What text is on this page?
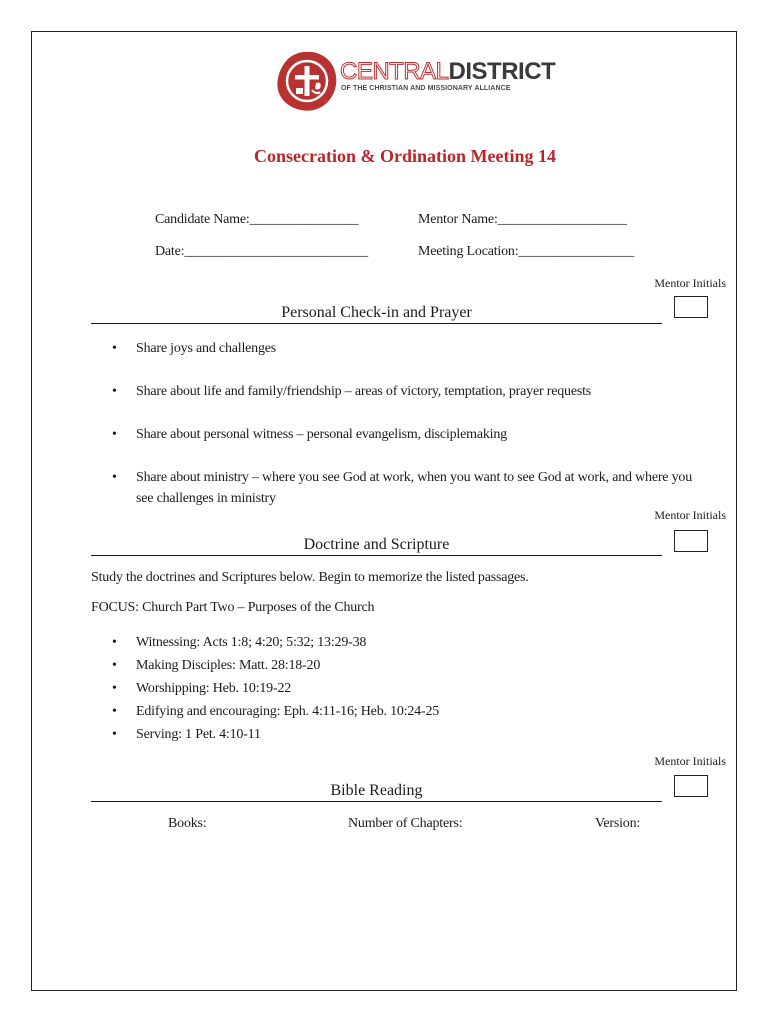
CENTRALDISTRICT
OF THE CHRISTIAN AND MISSIONARY ALLIANCE
Consecration & Ordination Meeting 14
Candidate Name:________________	Mentor Name:___________________
Date:___________________________	Meeting Location:_________________
Mentor Initials
Personal Check-in and Prayer
• Share joys and challenges
• Share about life and family/friendship – areas of victory, temptation, prayer requests
• Share about personal witness – personal evangelism, disciplemaking
• Share about ministry – where you see God at work, when you want to see God at work, and where you see challenges in ministry
Mentor Initials
Doctrine and Scripture
Study the doctrines and Scriptures below. Begin to memorize the listed passages.
FOCUS: Church Part Two – Purposes of the Church
• Witnessing: Acts 1:8; 4:20; 5:32; 13:29-38
• Making Disciples: Matt. 28:18-20
• Worshipping: Heb. 10:19-22
• Edifying and encouraging: Eph. 4:11-16; Heb. 10:24-25
• Serving: 1 Pet. 4:10-11
Mentor Initials
Bible Reading
Books:	Number of Chapters:	Version:
